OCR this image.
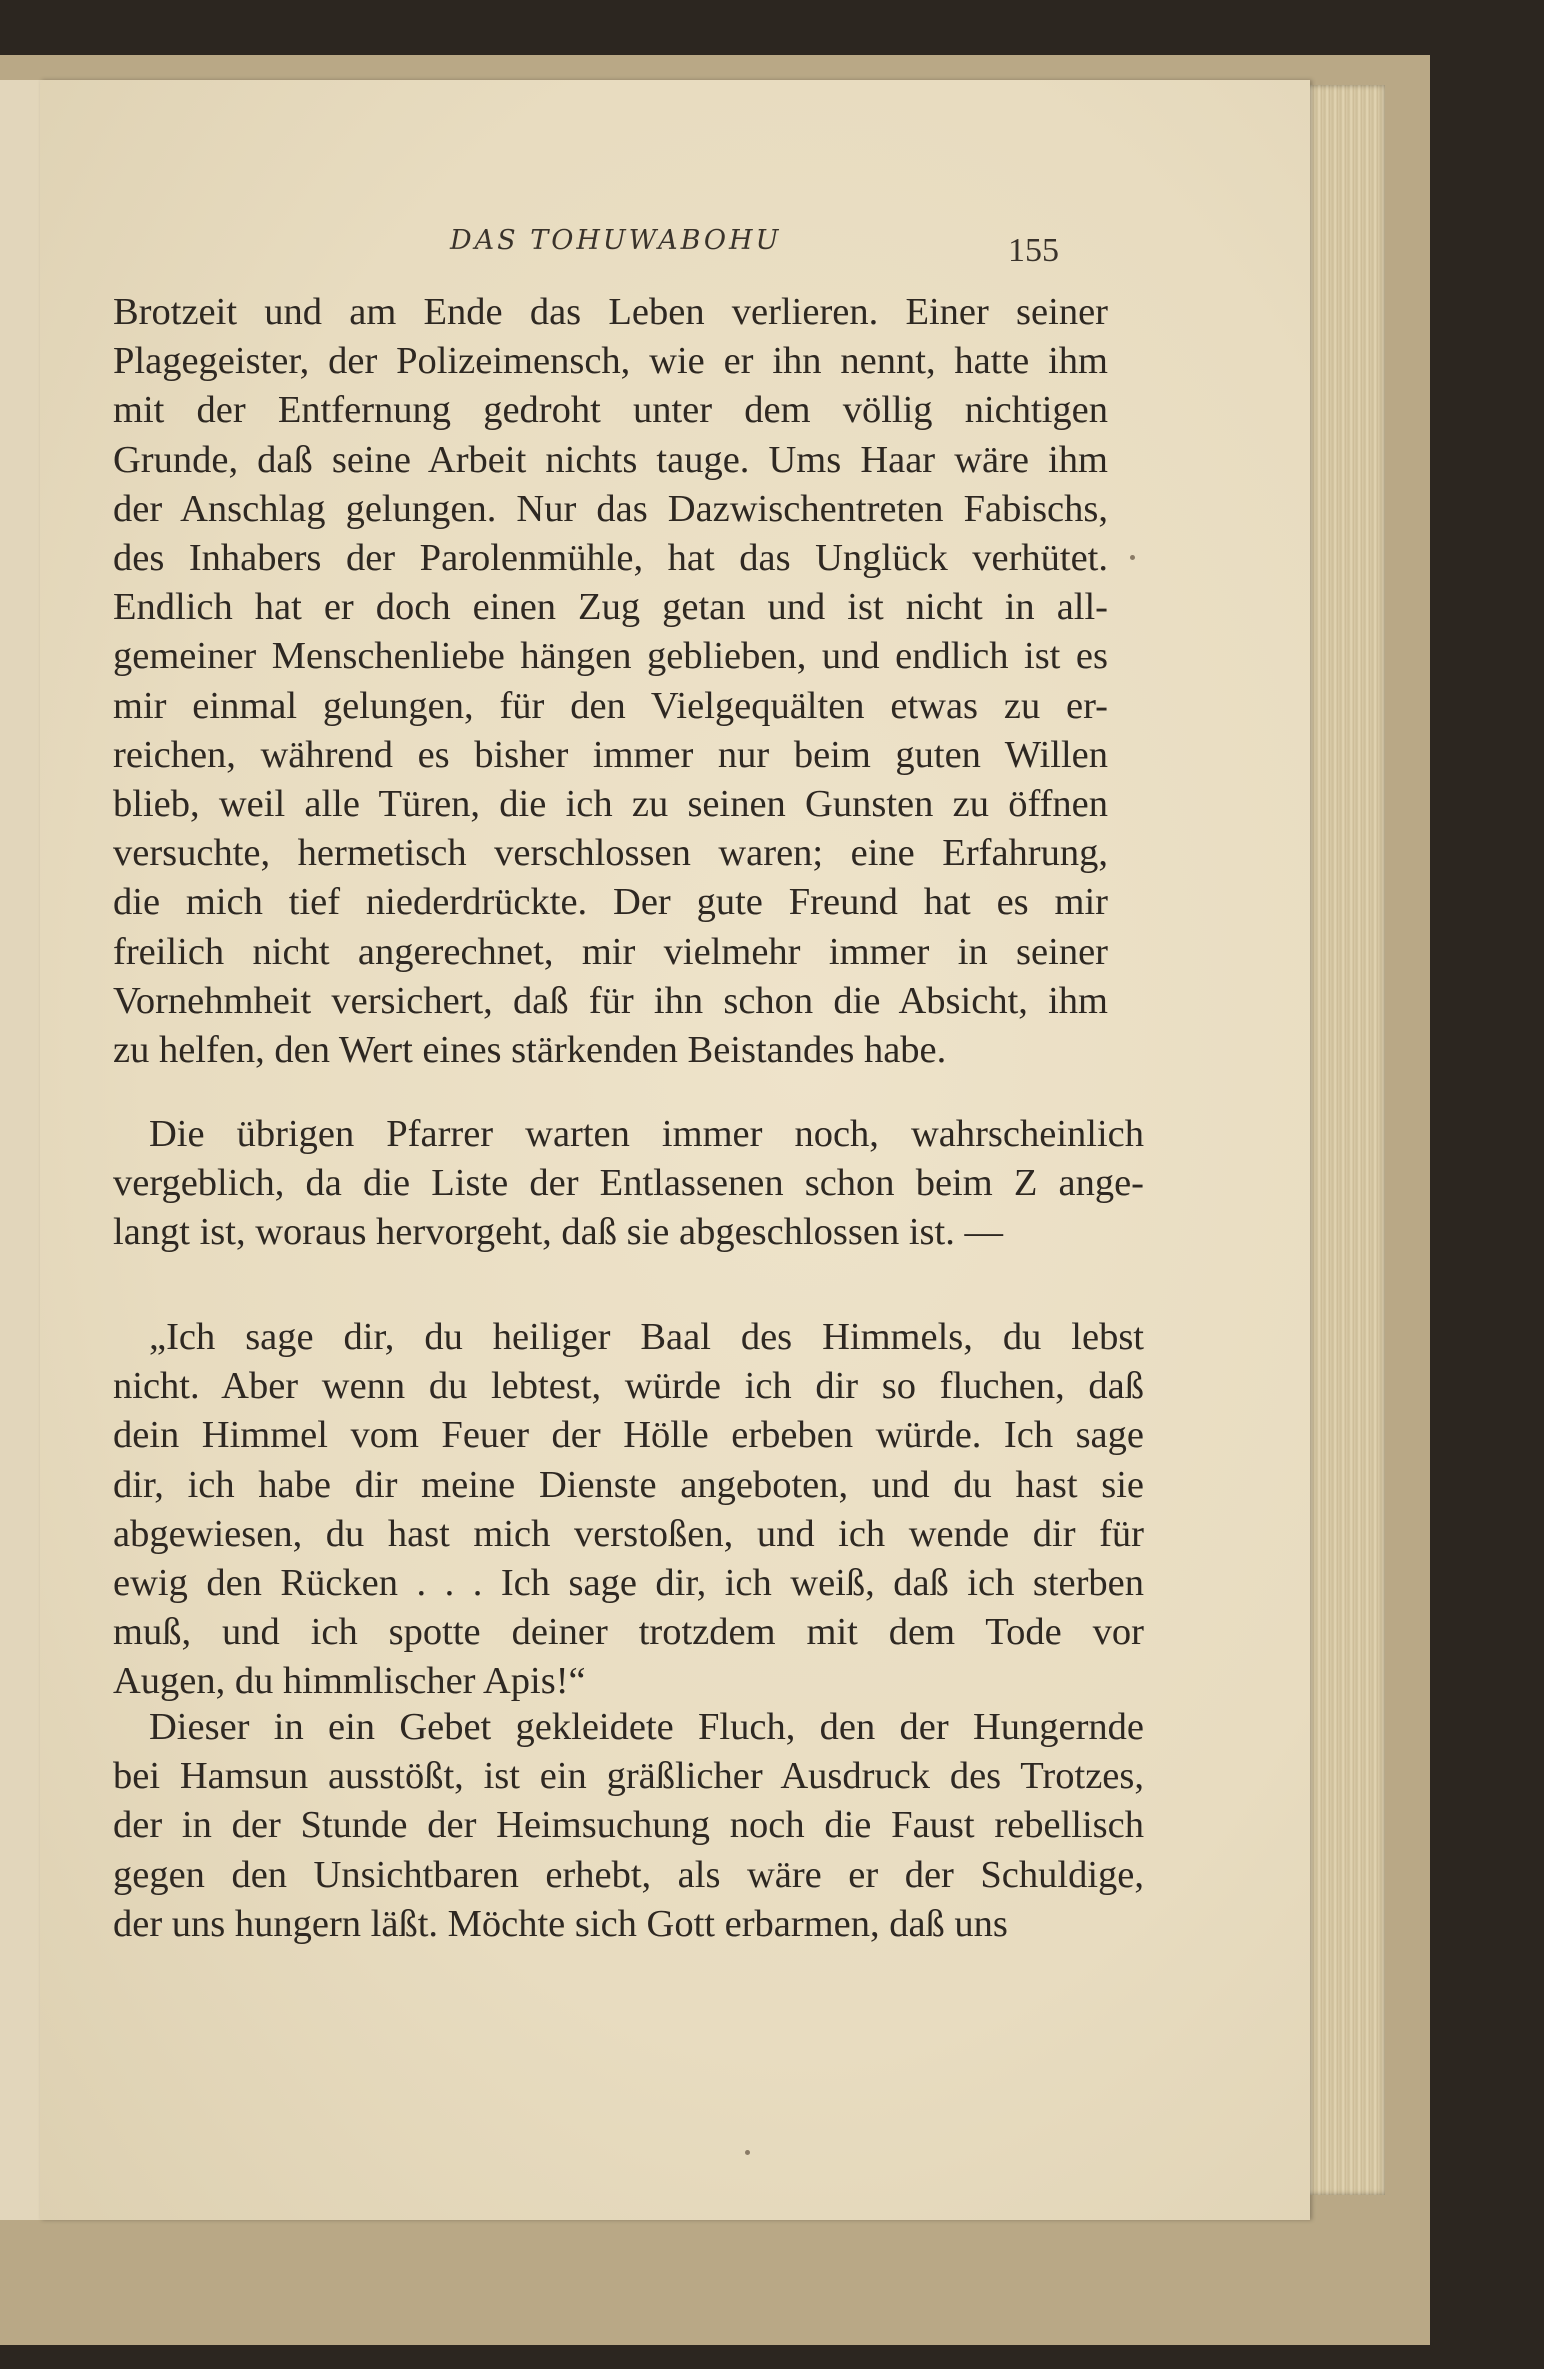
DAS TOHUWABOHU	155
Brotzeit und am Ende das Leben verlieren. Einer seiner
Plagegeister, der Polizeimensch, wie er ihn nennt, hatte ihm
mit der Entfernung gedroht unter dem völlig nichtigen
Grunde, daß seine Arbeit nichts tauge. Ums Haar wäre ihm
der Anschlag gelungen. Nur das Dazwischentreten Fabischs,
des Inhabers der Parolenmühle, hat das Unglück verhütet.
Endlich hat er doch einen Zug getan und ist nicht in all-
gemeiner Menschenliebe hängen geblieben, und endlich ist es
mir einmal gelungen, für den Vielgequälten etwas zu er-
reichen, während es bisher immer nur beim guten Willen
blieb, weil alle Türen, die ich zu seinen Gunsten zu öffnen
versuchte, hermetisch verschlossen waren; eine Erfahrung,
die mich tief niederdrückte. Der gute Freund hat es mir
freilich nicht angerechnet, mir vielmehr immer in seiner
Vornehmheit versichert, daß für ihn schon die Absicht, ihm
zu helfen, den Wert eines stärkenden Beistandes habe.
Die übrigen Pfarrer warten immer noch, wahrscheinlich
vergeblich, da die Liste der Entlassenen schon beim Z ange-
langt ist, woraus hervorgeht, daß sie abgeschlossen ist. —
„Ich sage dir, du heiliger Baal des Himmels, du lebst
nicht. Aber wenn du lebtest, würde ich dir so fluchen, daß
dein Himmel vom Feuer der Hölle erbeben würde. Ich sage
dir, ich habe dir meine Dienste angeboten, und du hast sie
abgewiesen, du hast mich verstoßen, und ich wende dir für
ewig den Rücken . . . Ich sage dir, ich weiß, daß ich sterben
muß, und ich spotte deiner trotzdem mit dem Tode vor
Augen, du himmlischer Apis!“
Dieser in ein Gebet gekleidete Fluch, den der Hungernde
bei Hamsun ausstößt, ist ein gräßlicher Ausdruck des Trotzes,
der in der Stunde der Heimsuchung noch die Faust rebellisch
gegen den Unsichtbaren erhebt, als wäre er der Schuldige,
der uns hungern läßt. Möchte sich Gott erbarmen, daß uns
